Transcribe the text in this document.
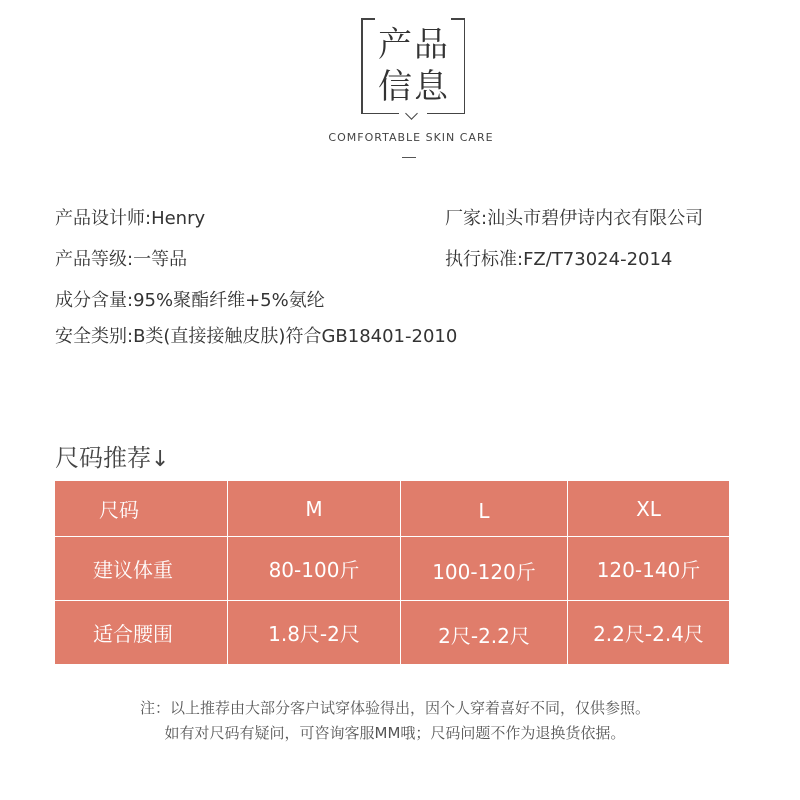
产品
信息
COMFORTABLE SKIN CARE
产品设计师:Henry	厂家:汕头市碧伊诗内衣有限公司
产品等级:一等品	执行标准:FZ/T73024-2014
成分含量:95%聚酯纤维+5%氨纶
安全类别:B类(直接接触皮肤)符合GB18401-2010
尺码推荐↓
尺码	M	L	XL
建议体重	80-100斤	100-120斤	120-140斤
适合腰围	1.8尺-2尺	2尺-2.2尺	2.2尺-2.4尺
注：以上推荐由大部分客户试穿体验得出，因个人穿着喜好不同，仅供参照。
如有对尺码有疑问，可咨询客服MM哦；尺码问题不作为退换货依据。
